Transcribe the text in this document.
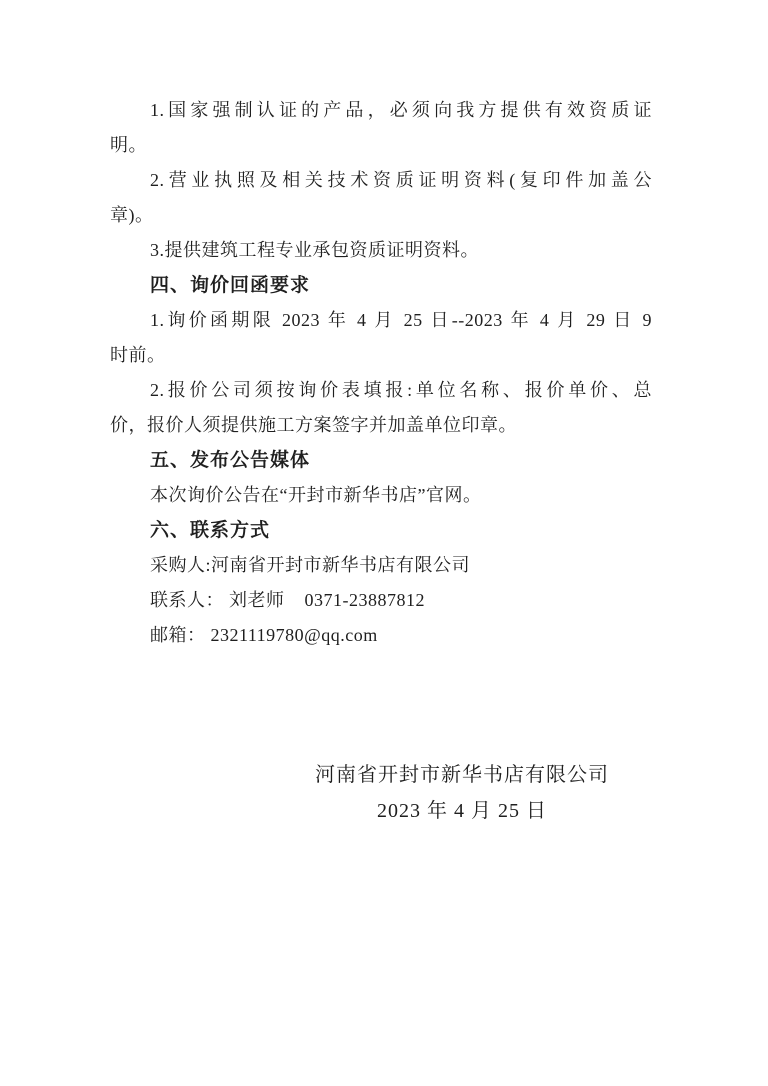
1.国家强制认证的产品，必须向我方提供有效资质证
明。
2.营业执照及相关技术资质证明资料(复印件加盖公
章)。
3.提供建筑工程专业承包资质证明资料。
四、询价回函要求
1.询价函期限 2023 年 4 月 25 日--2023 年 4 月 29 日 9
时前。
2.报价公司须按询价表填报:单位名称、报价单价、总
价，报价人须提供施工方案签字并加盖单位印章。
五、发布公告媒体
本次询价公告在“开封市新华书店”官网。
六、联系方式
采购人:河南省开封市新华书店有限公司
联系人： 刘老师    0371-23887812
邮箱： 2321119780@qq.com
河南省开封市新华书店有限公司
2023 年 4 月 25 日
